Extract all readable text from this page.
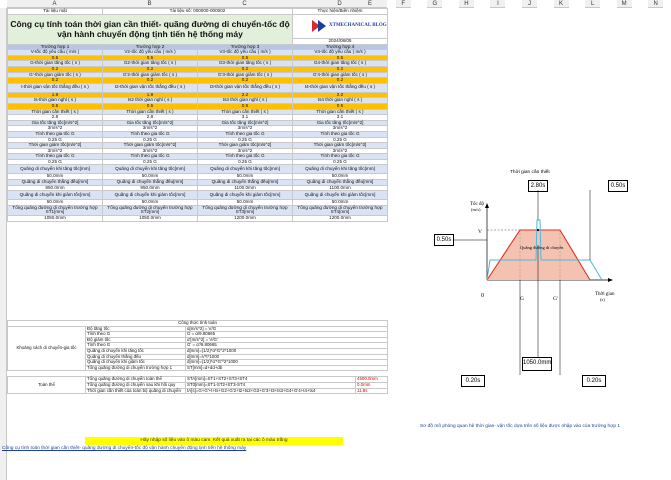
A	B	C	D	E	F	G	H	I	J	K	L	M	N
Tài liệu mật	Tài liệu số: 000000-000002		Thực hiện/Biên nhiệm
Công cụ tính toán thời gian cần thiết- quãng đường di chuyển-tốc độ vận hành chuyển động tịnh tiến hệ thống máy			XTMECHANICAL BLOG

			2024/08/05
Trường hợp 1	Trường hợp 2	Trường hợp 3	Trường hợp 4
V-tốc độ yêu cầu ( m/s )	V2-tốc độ yêu cầu ( m/s )	V3-tốc độ yêu cầu ( m/s )	V4-tốc độ yêu cầu ( m/s )
0.5	0.5	0.5	0.5
G-thời gian tăng tốc ( s )	G2-thời gian tăng tốc ( s )	G3-thời gian tăng tốc ( s )	G4-thời gian tăng tốc ( s )
0.2	0.2	0.2	0.2
G'-thời gian giảm tốc ( s )	G'2-thời gian giảm tốc ( s )	G'3-thời gian giảm tốc ( s )	G'4-thời gian giảm tốc ( s )
0.2	0.2	0.2	0.2
t-thời gian vận tốc thẳng đều ( s )	t2-thời gian vận tốc thẳng đều ( s )	t3-thời gian vận tốc thẳng đều ( s )	t4-thời gian vận tốc thẳng đều ( s )
1.9	1.9	2.2	2.2
ts-thời gian nghỉ ( s )	ts2 thời gian nghỉ ( s )	ts3 thời gian nghỉ ( s )	ts4 thời gian nghỉ ( s )
0.5	0.5	0.5	0.5
Thời gian cần thiết ( s )	Thời gian cần thiết ( s )	Thời gian cần thiết ( s )	Thời gian cần thiết ( s )
2.8	2.8	3.1	3.1
Gia tốc tăng tốc[m/s^2]	Gia tốc tăng tốc[m/s^2]	Gia tốc tăng tốc[m/s^2]	Gia tốc tăng tốc[m/s^2]
3m/s^2	3m/s^2	3m/s^2	3m/s^2
Tính theo gia tốc G	Tính theo gia tốc G	Tính theo gia tốc G	Tính theo gia tốc G
0.25 G	0.25 G	0.25 G	0.25 G
Thời gian giảm tốc[m/s^2]	Thời gian giảm tốc[m/s^2]	Thời gian giảm tốc[m/s^2]	Thời gian giảm tốc[m/s^2]
3m/s^2	3m/s^2	3m/s^2	3m/s^2
Tính theo gia tốc G	Tính theo gia tốc G	Tính theo gia tốc G	Tính theo gia tốc G
0.25 G	0.25 G	0.25 G	0.25 G
Quãng di chuyển khi tăng tốc[mm]	Quãng di chuyển khi tăng tốc[mm]	Quãng di chuyển khi tăng tốc[mm]	Quãng di chuyển khi tăng tốc[mm]
50.0mm	50.0mm	50.0mm	50.0mm
Quãng di chuyển thẳng đều[mm]	Quãng di chuyển thẳng đều[mm]	Quãng di chuyển thẳng đều[mm]	Quãng di chuyển thẳng đều[mm]
950.0mm	950.0mm	1100.0mm	1100.0mm
Quãng di chuyển khi giảm tốc[mm]	Quãng di chuyển khi giảm tốc[mm]	Quãng di chuyển khi giảm tốc[mm]	Quãng di chuyển khi giảm tốc[mm]
50.0mm	50.0mm	50.0mm	50.0mm
Tổng quãng đường di chuyển trường hợp ST1[mm]	Tổng quãng đường di chuyển trường hợp ST2[mm]	Tổng quãng đường di chuyển trường hợp ST3[mm]	Tổng quãng đường di chuyển trường hợp ST4[mm]
1050.0mm	1050.0mm	1200.0mm	1200.0mm
Công thức tính toán			
Khoảng cách di chuyển-gia tốc	Độ tăng tốc	α[m/s^2] = V/G	
	Tính theo G	G = α/9.80665	
	Độ giảm tốc	α'[m/s^2] = V/G'	
	Tính theo G	G' = α'/9.80665	
	Quãng di chuyển khi tăng tốc	d[mm]=(1/2)*α*G^2*1000	
	Quãng di chuyển thẳng đều	d[mm]=V*t*1000	
	Quãng di chuyển khi giảm tốc	d[mm]=(1/2)*α'*G'^2*1000	
	Tổng quãng đường di chuyển trường hợp 1	ST[mm]=d+dd+db	

Toàn thể	Tổng quãng đường di chuyển toàn thể	STA[mm]=ST1+ST2+ST3+ST4	4500.0mm
	Tổng quãng đường di chuyển sau khi hồi quy	ST0[mm]=ST1-ST2+ST3-ST4	0.0mm
	Thời gian cần thiết của toàn bộ quãng di chuyển	tA[s]=G+G'+t+ts+G2+G'2+t2+ts2+G3+G'3+t3+ts3+G4+G'4+t4+ts4	11.8s
Hãy nhập số liệu vào ô màu cam. Kết quả xuất ra tại các ô màu trắng
Công cụ tính toán thời gian cần thiết- quãng đường di chuyển-tốc độ vận hành chuyển động tịnh tiến hệ thống máy
Thời gian cần thiết
2.80s	0.50s
0.50s
0.20s
1050.0mm
0.20s
Sơ đồ mô phỏng quan hệ thời gian- vận tốc dựa trên số liệu được nhập vào của trường hợp 1
Tốc độ
(m/s)
V
0	G	G'
Thời gian
(s)
Quãng đường di chuyển
